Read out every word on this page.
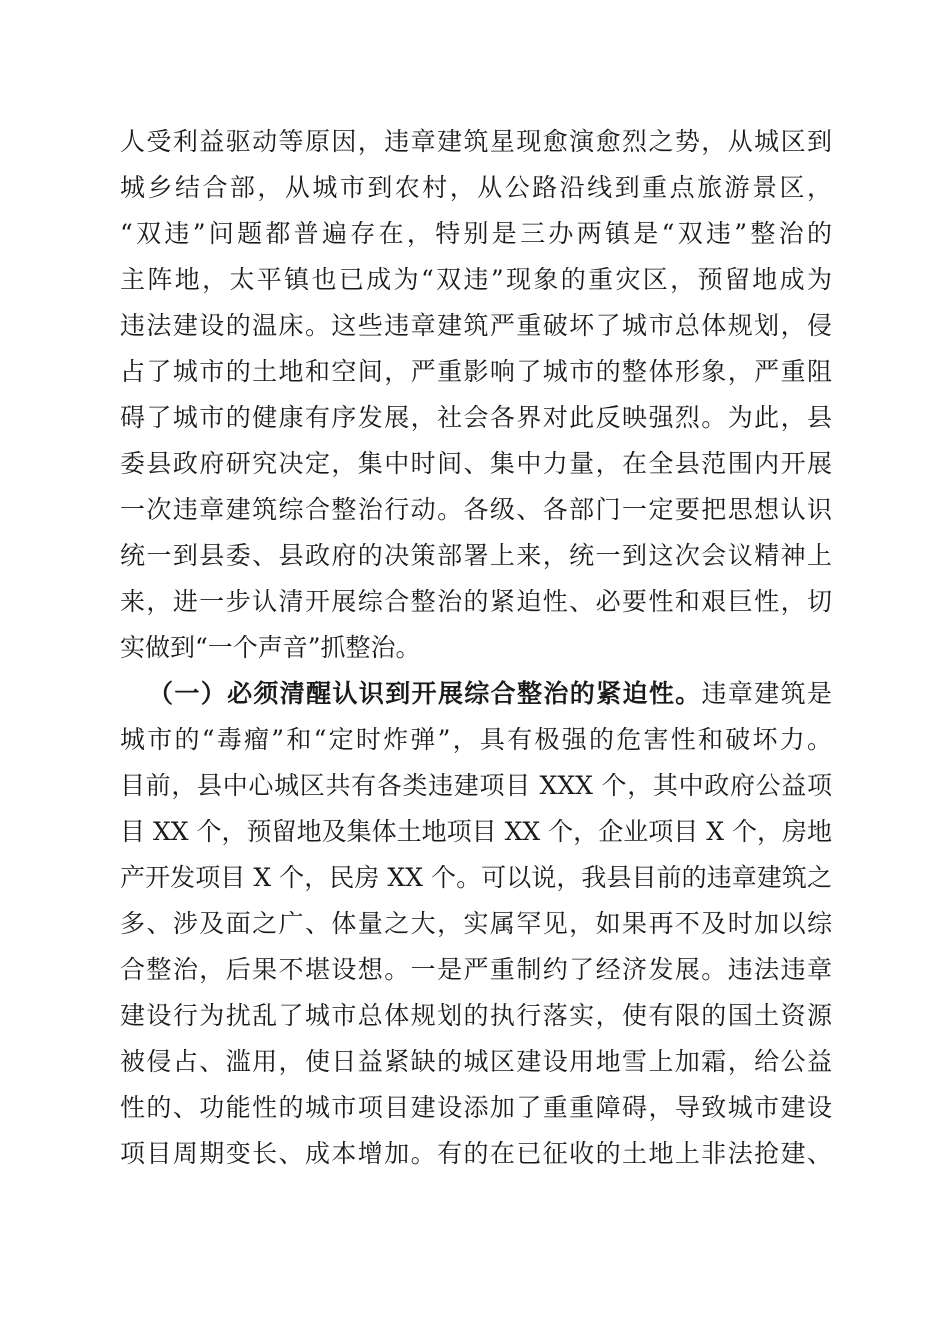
人受利益驱动等原因，违章建筑星现愈演愈烈之势，从城区到
城乡结合部，从城市到农村，从公路沿线到重点旅游景区，
“双违”问题都普遍存在，特别是三办两镇是“双违”整治的
主阵地，太平镇也已成为“双违”现象的重灾区，预留地成为
违法建设的温床。这些违章建筑严重破坏了城市总体规划，侵
占了城市的土地和空间，严重影响了城市的整体形象，严重阻
碍了城市的健康有序发展，社会各界对此反映强烈。为此，县
委县政府研究决定，集中时间、集中力量，在全县范围内开展
一次违章建筑综合整治行动。各级、各部门一定要把思想认识
统一到县委、县政府的决策部署上来，统一到这次会议精神上
来，进一步认清开展综合整治的紧迫性、必要性和艰巨性，切
实做到“一个声音”抓整治。
（一）必须清醒认识到开展综合整治的紧迫性。违章建筑是
城市的“毒瘤”和“定时炸弹”，具有极强的危害性和破坏力。
目前，县中心城区共有各类违建项目 XXX 个，其中政府公益项
目 XX 个，预留地及集体土地项目 XX 个，企业项目 X 个，房地
产开发项目 X 个，民房 XX 个。可以说，我县目前的违章建筑之
多、涉及面之广、体量之大，实属罕见，如果再不及时加以综
合整治，后果不堪设想。一是严重制约了经济发展。违法违章
建设行为扰乱了城市总体规划的执行落实，使有限的国土资源
被侵占、滥用，使日益紧缺的城区建设用地雪上加霜，给公益
性的、功能性的城市项目建设添加了重重障碍，导致城市建设
项目周期变长、成本增加。有的在已征收的土地上非法抢建、
